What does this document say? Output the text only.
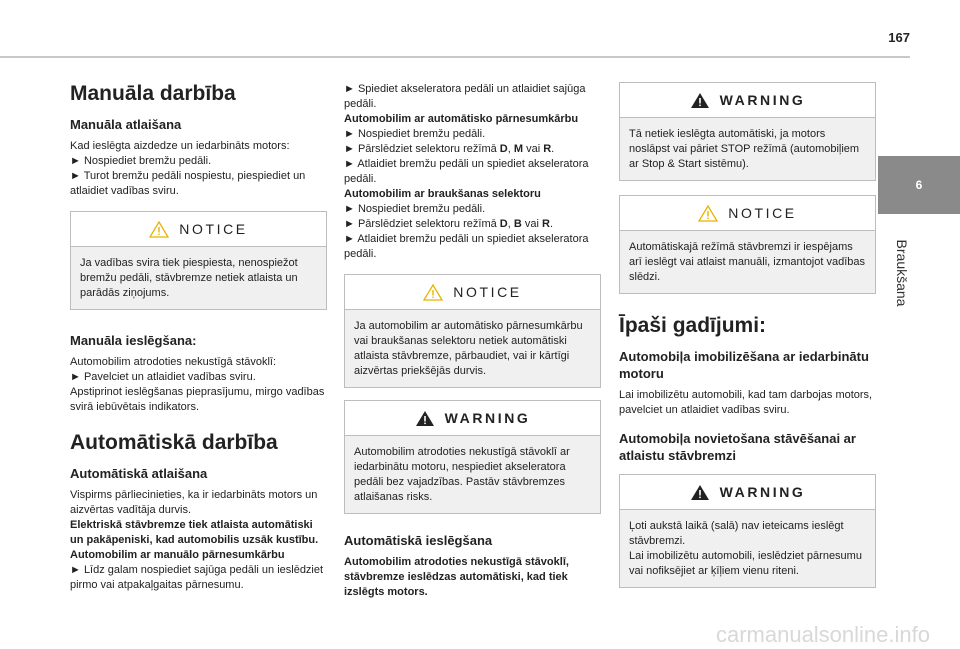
167
6
Braukšana
Manuāla darbība
Manuāla atlaišana

Kad ieslēgta aizdedze un iedarbināts motors:

► Nospiediet bremžu pedāli.

► Turot bremžu pedāli nospiestu, piespiediet un atlaidiet vadības sviru.

NOTICE

Ja vadības svira tiek piespiesta, nenospiežot bremžu pedāli, stāvbremze netiek atlaista un parādās ziņojums.

Manuāla ieslēgšana:

Automobilim atrodoties nekustīgā stāvoklī:

► Pavelciet un atlaidiet vadības sviru.

Apstiprinot ieslēgšanas pieprasījumu, mirgo vadības svirā iebūvētais indikators.

Automātiskā darbība
Automātiskā atlaišana

Vispirms pārliecinieties, ka ir iedarbināts motors un aizvērtas vadītāja durvis.

Elektriskā stāvbremze tiek atlaista automātiski un pakāpeniski, kad automobilis uzsāk kustību.

Automobilim ar manuālo pārnesumkārbu

► Līdz galam nospiediet sajūga pedāli un ieslēdziet pirmo vai atpakaļgaitas pārnesumu.

► Spiediet akseleratora pedāli un atlaidiet sajūga pedāli.

Automobilim ar automātisko pārnesumkārbu

► Nospiediet bremžu pedāli.

► Pārslēdziet selektoru režīmā D, M vai R.

► Atlaidiet bremžu pedāli un spiediet akseleratora pedāli.

Automobilim ar braukšanas selektoru

► Nospiediet bremžu pedāli.

► Pārslēdziet selektoru režīmā D, B vai R.

► Atlaidiet bremžu pedāli un spiediet akseleratora pedāli.

NOTICE

Ja automobilim ar automātisko pārnesumkārbu vai braukšanas selektoru netiek automātiski atlaista stāvbremze, pārbaudiet, vai ir kārtīgi aizvērtas priekšējās durvis.

WARNING

Automobilim atrodoties nekustīgā stāvoklī ar iedarbinātu motoru, nespiediet akseleratora pedāli bez vajadzības. Pastāv stāvbremzes atlaišanas risks.

Automātiskā ieslēgšana

Automobilim atrodoties nekustīgā stāvoklī, stāvbremze ieslēdzas automātiski, kad tiek izslēgts motors.

WARNING

Tā netiek ieslēgta automātiski, ja motors noslāpst vai pāriet STOP režīmā (automobiļiem ar Stop & Start sistēmu).

NOTICE

Automātiskajā režīmā stāvbremzi ir iespējams arī ieslēgt vai atlaist manuāli, izmantojot vadības slēdzi.

Īpaši gadījumi:
Automobiļa imobilizēšana ar iedarbinātu motoru

Lai imobilizētu automobili, kad tam darbojas motors, pavelciet un atlaidiet vadības sviru.

Automobiļa novietošana stāvēšanai ar atlaistu stāvbremzi
WARNING

Ļoti aukstā laikā (salā) nav ieteicams ieslēgt stāvbremzi.

Lai imobilizētu automobili, ieslēdziet pārnesumu vai nofiksējiet ar ķīļiem vienu riteni.

carmanualsonline.info
